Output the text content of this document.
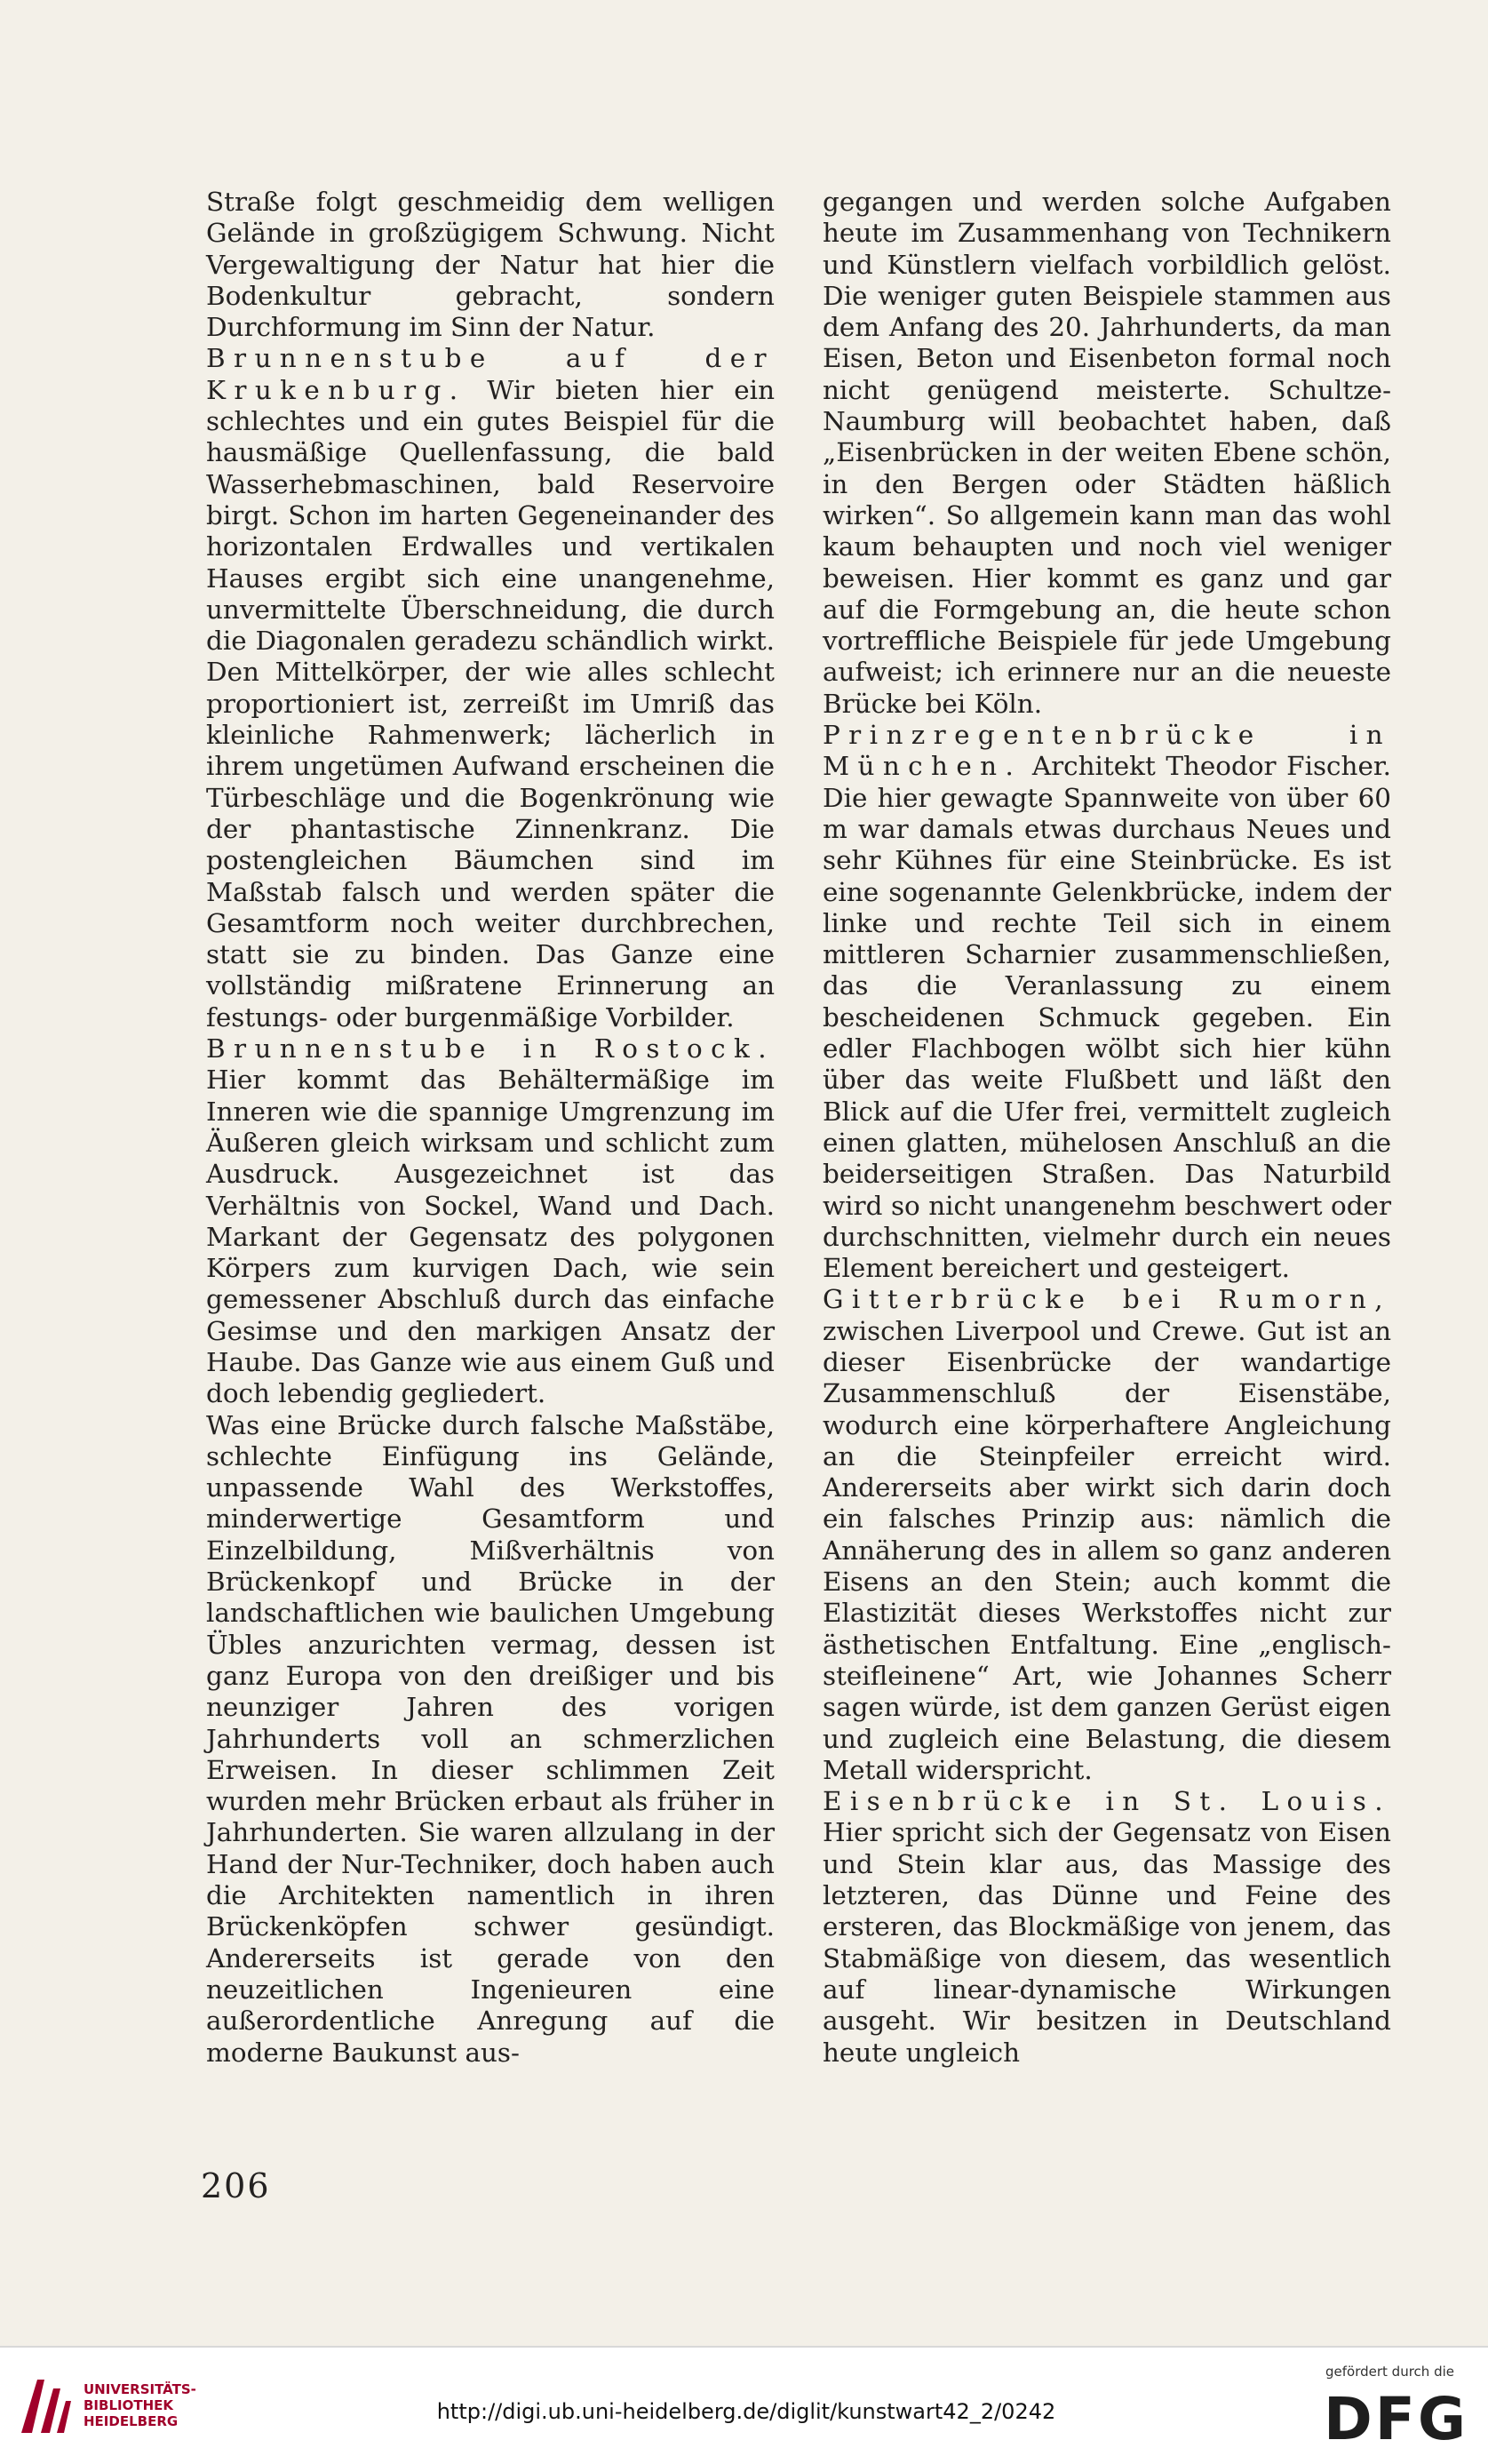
Straße folgt geschmeidig dem welligen Gelände in großzügigem Schwung. Nicht Vergewaltigung der Natur hat hier die Bodenkultur gebracht, sondern Durchformung im Sinn der Natur.

Brunnenstube auf der Krukenburg. Wir bieten hier ein schlechtes und ein gutes Beispiel für die hausmäßige Quellenfassung, die bald Wasserhebmaschinen, bald Reservoire birgt. Schon im harten Gegeneinander des horizontalen Erdwalles und vertikalen Hauses ergibt sich eine unangenehme, unvermittelte Überschneidung, die durch die Diagonalen geradezu schändlich wirkt. Den Mittelkörper, der wie alles schlecht proportioniert ist, zerreißt im Umriß das kleinliche Rahmenwerk; lächerlich in ihrem ungetümen Aufwand erscheinen die Türbeschläge und die Bogenkrönung wie der phantastische Zinnenkranz. Die postengleichen Bäumchen sind im Maßstab falsch und werden später die Gesamtform noch weiter durchbrechen, statt sie zu binden. Das Ganze eine vollständig mißratene Erinnerung an festungs- oder burgenmäßige Vorbilder.

Brunnenstube in Rostock. Hier kommt das Behältermäßige im Inneren wie die spannige Umgrenzung im Äußeren gleich wirksam und schlicht zum Ausdruck. Ausgezeichnet ist das Verhältnis von Sockel, Wand und Dach. Markant der Gegensatz des polygonen Körpers zum kurvigen Dach, wie sein gemessener Abschluß durch das einfache Gesimse und den markigen Ansatz der Haube. Das Ganze wie aus einem Guß und doch lebendig gegliedert.

Was eine Brücke durch falsche Maßstäbe, schlechte Einfügung ins Gelände, unpassende Wahl des Werkstoffes, minderwertige Gesamtform und Einzelbildung, Mißverhältnis von Brückenkopf und Brücke in der landschaftlichen wie baulichen Umgebung Übles anzurichten vermag, dessen ist ganz Europa von den dreißiger und bis neunziger Jahren des vorigen Jahrhunderts voll an schmerzlichen Erweisen. In dieser schlimmen Zeit wurden mehr Brücken erbaut als früher in Jahrhunderten. Sie waren allzulang in der Hand der Nur-Techniker, doch haben auch die Architekten namentlich in ihren Brückenköpfen schwer gesündigt. Andererseits ist gerade von den neuzeitlichen Ingenieuren eine außerordentliche Anregung auf die moderne Baukunst aus-

gegangen und werden solche Aufgaben heute im Zusammenhang von Technikern und Künstlern vielfach vorbildlich gelöst. Die weniger guten Beispiele stammen aus dem Anfang des 20. Jahrhunderts, da man Eisen, Beton und Eisenbeton formal noch nicht genügend meisterte. Schultze-Naumburg will beobachtet haben, daß „Eisenbrücken in der weiten Ebene schön, in den Bergen oder Städten häßlich wirken“. So allgemein kann man das wohl kaum behaupten und noch viel weniger beweisen. Hier kommt es ganz und gar auf die Formgebung an, die heute schon vortreffliche Beispiele für jede Umgebung aufweist; ich erinnere nur an die neueste Brücke bei Köln.

Prinzregentenbrücke in München. Architekt Theodor Fischer. Die hier gewagte Spannweite von über 60 m war damals etwas durchaus Neues und sehr Kühnes für eine Steinbrücke. Es ist eine sogenannte Gelenkbrücke, indem der linke und rechte Teil sich in einem mittleren Scharnier zusammenschließen, das die Veranlassung zu einem bescheidenen Schmuck gegeben. Ein edler Flachbogen wölbt sich hier kühn über das weite Flußbett und läßt den Blick auf die Ufer frei, vermittelt zugleich einen glatten, mühelosen Anschluß an die beiderseitigen Straßen. Das Naturbild wird so nicht unangenehm beschwert oder durchschnitten, vielmehr durch ein neues Element bereichert und gesteigert.

Gitterbrücke bei Rumorn, zwischen Liverpool und Crewe. Gut ist an dieser Eisenbrücke der wandartige Zusammenschluß der Eisenstäbe, wodurch eine körperhaftere Angleichung an die Steinpfeiler erreicht wird. Andererseits aber wirkt sich darin doch ein falsches Prinzip aus: nämlich die Annäherung des in allem so ganz anderen Eisens an den Stein; auch kommt die Elastizität dieses Werkstoffes nicht zur ästhetischen Entfaltung. Eine „englisch-steifleinene“ Art, wie Johannes Scherr sagen würde, ist dem ganzen Gerüst eigen und zugleich eine Belastung, die diesem Metall widerspricht.

Eisenbrücke in St. Louis. Hier spricht sich der Gegensatz von Eisen und Stein klar aus, das Massige des letzteren, das Dünne und Feine des ersteren, das Blockmäßige von jenem, das Stabmäßige von diesem, das wesentlich auf linear-dynamische Wirkungen ausgeht. Wir besitzen in Deutschland heute ungleich

206
UNIVERSITÄTS-
BIBLIOTHEK
HEIDELBERG	http://digi.ub.uni-heidelberg.de/diglit/kunstwart42_2/0242
gefördert durch die
DFG
